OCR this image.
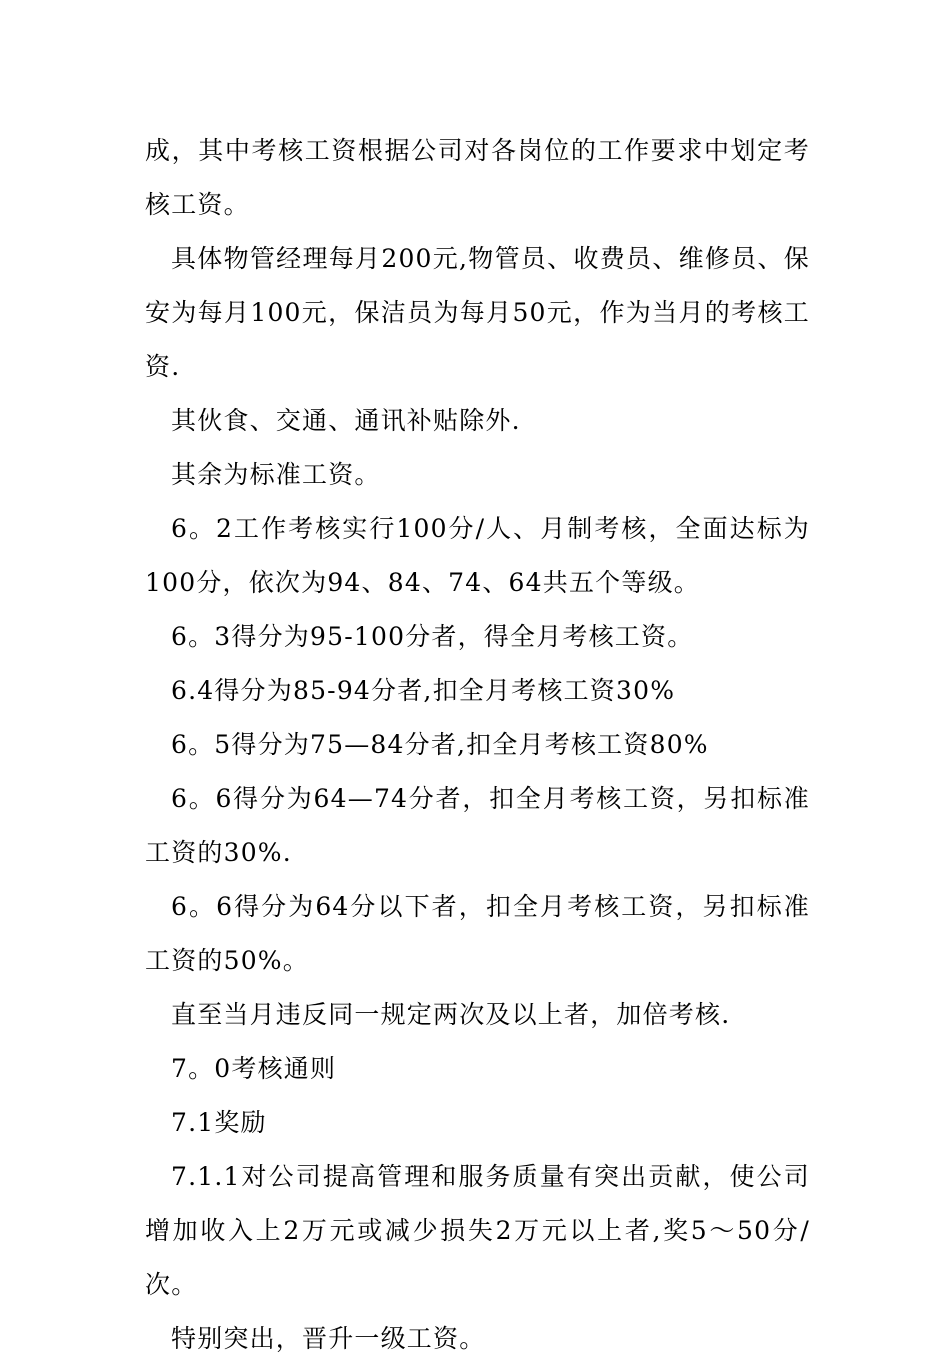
成，其中考核工资根据公司对各岗位的工作要求中划定考核工资。

具体物管经理每月200元,物管员、收费员、维修员、保安为每月100元，保洁员为每月50元，作为当月的考核工资.

其伙食、交通、通讯补贴除外.

其余为标准工资。

6。2工作考核实行100分/人、月制考核，全面达标为100分，依次为94、84、74、64共五个等级。

6。3得分为95-100分者，得全月考核工资。

6.4得分为85-94分者,扣全月考核工资30%

6。5得分为75—84分者,扣全月考核工资80%

6。6得分为64—74分者，扣全月考核工资，另扣标准工资的30%.

6。6得分为64分以下者，扣全月考核工资，另扣标准工资的50%。

直至当月违反同一规定两次及以上者，加倍考核.

7。0考核通则

7.1奖励

7.1.1对公司提高管理和服务质量有突出贡献，使公司增加收入上2万元或减少损失2万元以上者,奖5～50分/次。

特别突出，晋升一级工资。
